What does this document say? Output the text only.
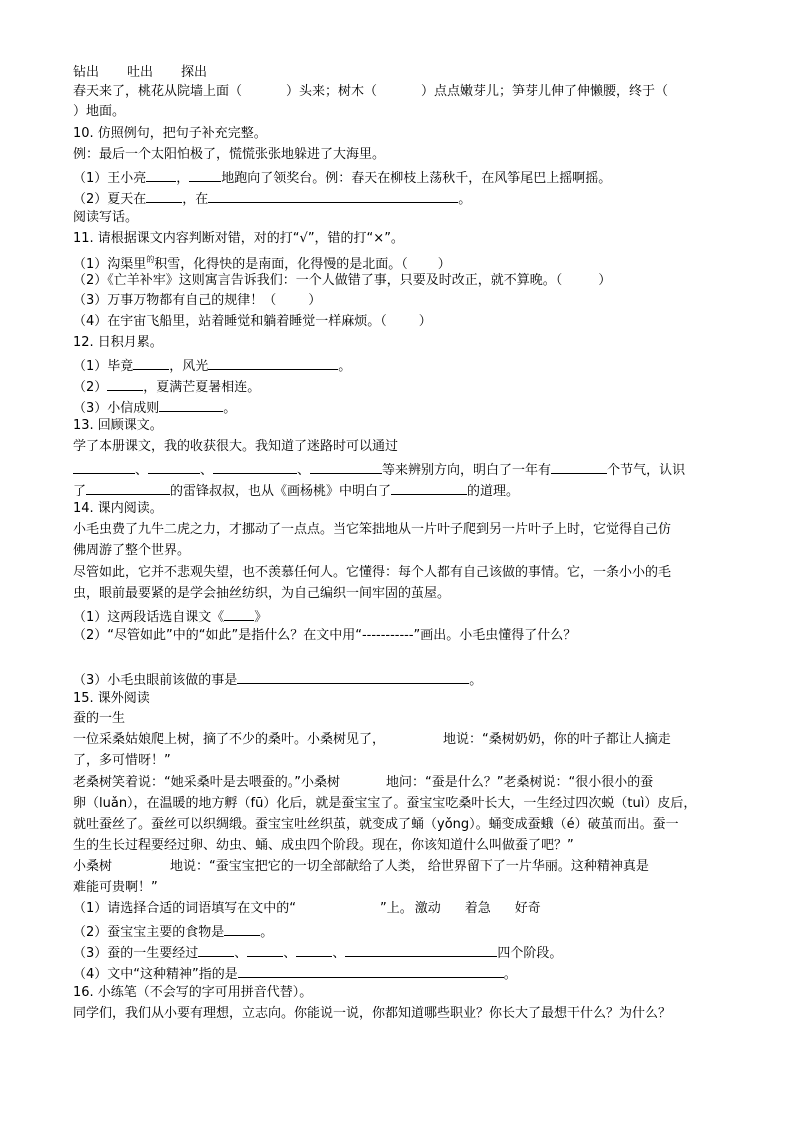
钻出 吐出 探出
春天来了，桃花从院墙上面（	）头来；树木（	）点点嫩芽儿；笋芽儿伸了伸懒腰，终于（
）地面。
10. 仿照例句，把句子补充完整。
例：最后一个太阳怕极了，慌慌张张地躲进了大海里。
（1）王小亮 ， 地跑向了领奖台。例：春天在柳枝上荡秋千，在风筝尾巴上摇啊摇。
（2）夏天在	，在	。
阅读写话。
11. 请根据课文内容判断对错，对的打“√”，错的打“×”。
（1）沟渠里$^的$积雪，化得快的是南面，化得慢的是北面。（ ）
（2）《亡羊补牢》这则寓言告诉我们：一个人做错了事，只要及时改正，就不算晚。（	）
（3）万事万物都有自己的规律！（ ）
（4）在宇宙飞船里，站着睡觉和躺着睡觉一样麻烦。（ ）
12. 日积月累。
（1）毕竟	，风光	。
（2）	，夏满芒夏暑相连。
（3）小信成则	。
13. 回顾课文。
学了本册课文，我的收获很大。我知道了迷路时可以通过
、	、	、	等来辨别方向，明白了一年有	个节气，认识
了	的雷锋叔叔，也从《画杨桃》中明白了	的道理。
14. 课内阅读。
小毛虫费了九牛二虎之力，才挪动了一点点。当它笨拙地从一片叶子爬到另一片叶子上时，它觉得自己仿
佛周游了整个世界。
尽管如此，它并不悲观失望，也不羡慕任何人。它懂得：每个人都有自己该做的事情。它，一条小小的毛
虫，眼前最要紧的是学会抽丝纺织，为自己编织一间牢固的茧屋。
（1）这两段话选自课文《 》
（2）“尽管如此”中的“如此”是指什么？在文中用“-----------”画出。小毛虫懂得了什么？
（3）小毛虫眼前该做的事是	。
15. 课外阅读
蚕的一生
一位采桑姑娘爬上树，摘了不少的桑叶。小桑树见了，	地说：“桑树奶奶，你的叶子都让人摘走
了，多可惜呀！”
老桑树笑着说：“她采桑叶是去喂蚕的。”小桑树	地问：“蚕是什么？”老桑树说：“很小很小的蚕
卵（luǎn），在温暖的地方孵（fū）化后，就是蚕宝宝了。蚕宝宝吃桑叶长大，一生经过四次蜕（tuì）皮后，
就吐蚕丝了。蚕丝可以织绸缎。蚕宝宝吐丝织茧，就变成了蛹（yǒng）。蛹变成蚕蛾（é）破茧而出。蚕一
生的生长过程要经过卵、幼虫、蛹、成虫四个阶段。现在，你该知道什么叫做蚕了吧？”
小桑树	地说：“蚕宝宝把它的一切全部献给了人类， 给世界留下了一片华丽。这种精神真是
难能可贵啊！”
（1）请选择合适的词语填写在文中的“	”上。 激动 着急 好奇
（2）蚕宝宝主要的食物是	。
（3）蚕的一生要经过	、	、	、	四个阶段。
（4）文中“这种精神”指的是	。
16. 小练笔（不会写的字可用拼音代替）。
同学们，我们从小要有理想，立志向。你能说一说，你都知道哪些职业？你长大了最想干什么？为什么？
